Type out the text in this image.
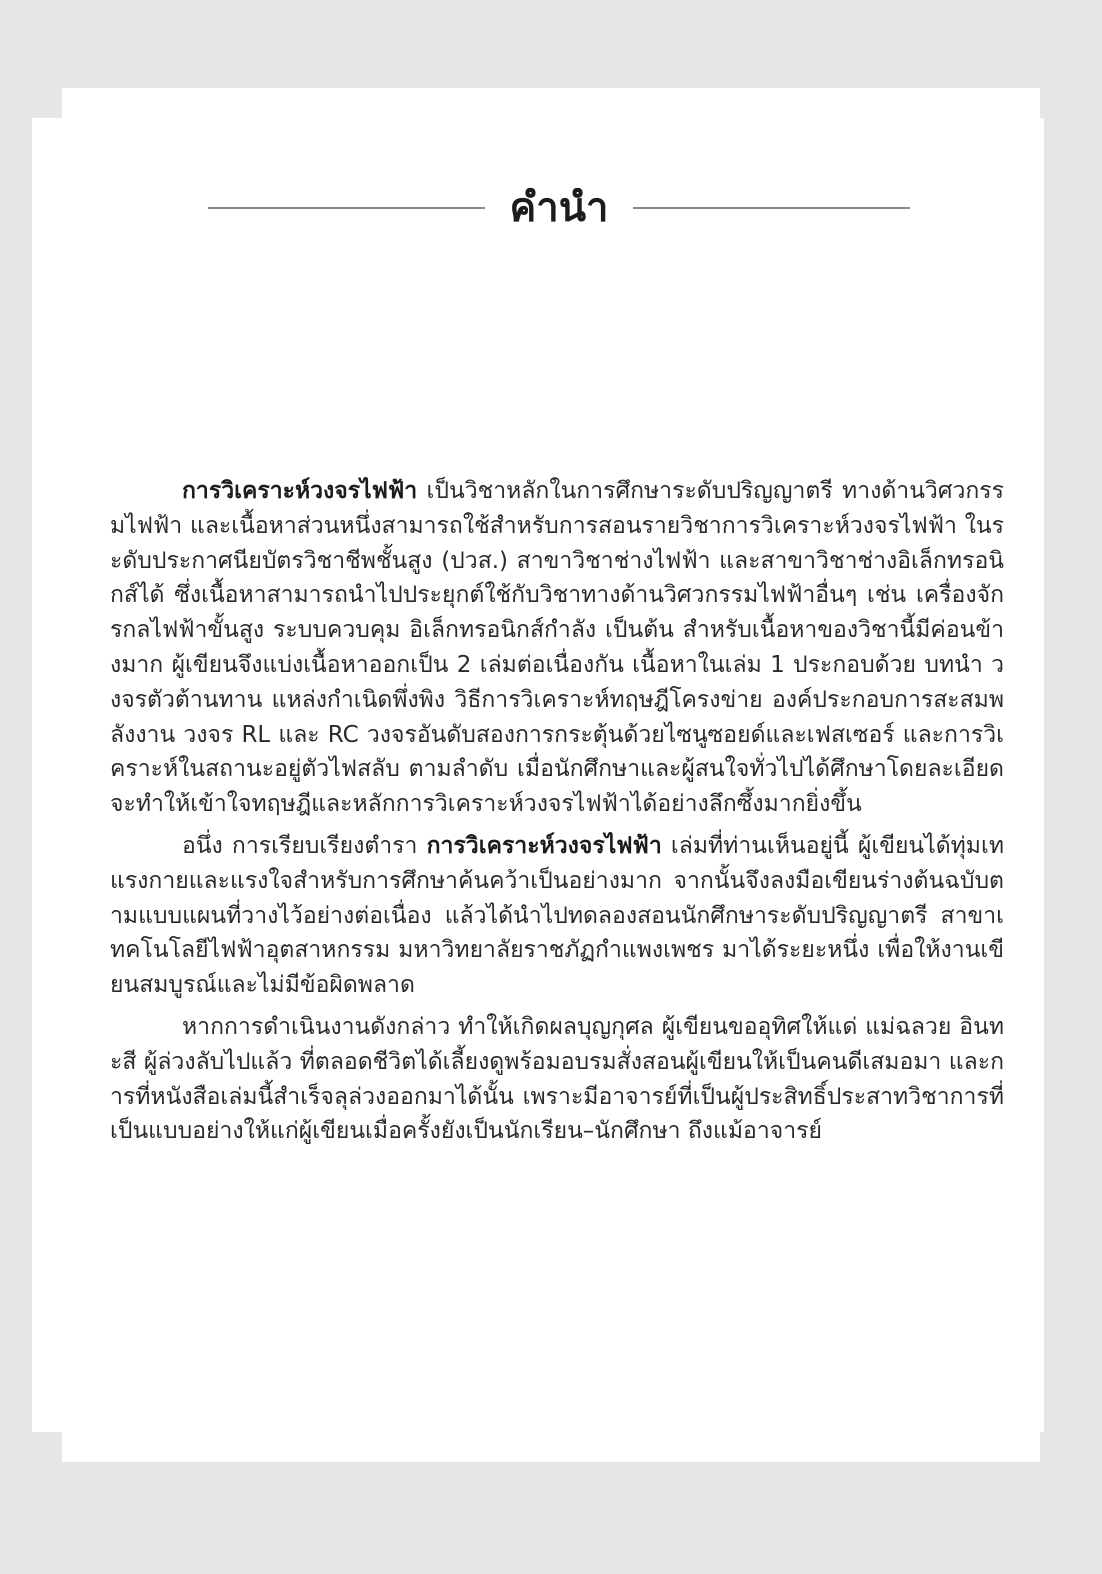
คำนำ

การวิเคราะห์วงจรไฟฟ้า เป็นวิชาหลักในการศึกษาระดับปริญญาตรี ทางด้านวิศวกรรมไฟฟ้า และเนื้อหาส่วนหนึ่งสามารถใช้สำหรับการสอนรายวิชาการวิเคราะห์วงจรไฟฟ้า ในระดับประกาศนียบัตรวิชาชีพชั้นสูง (ปวส.) สาขาวิชาช่างไฟฟ้า และสาขาวิชาช่างอิเล็กทรอนิกส์ได้ ซึ่งเนื้อหาสามารถนำไปประยุกต์ใช้กับวิชาทางด้านวิศวกรรมไฟฟ้าอื่นๆ เช่น เครื่องจักรกลไฟฟ้าขั้นสูง ระบบควบคุม อิเล็กทรอนิกส์กำลัง เป็นต้น สำหรับเนื้อหาของวิชานี้มีค่อนข้างมาก ผู้เขียนจึงแบ่งเนื้อหาออกเป็น 2 เล่มต่อเนื่องกัน เนื้อหาในเล่ม 1 ประกอบด้วย บทนำ วงจรตัวต้านทาน แหล่งกำเนิดพึ่งพิง วิธีการวิเคราะห์ทฤษฎีโครงข่าย องค์ประกอบการสะสมพลังงาน วงจร RL และ RC วงจรอันดับสองการกระตุ้นด้วยไซนูซอยด์และเฟสเซอร์ และการวิเคราะห์ในสถานะอยู่ตัวไฟสลับ ตามลำดับ เมื่อนักศึกษาและผู้สนใจทั่วไปได้ศึกษาโดยละเอียด จะทำให้เข้าใจทฤษฎีและหลักการวิเคราะห์วงจรไฟฟ้าได้อย่างลึกซึ้งมากยิ่งขึ้น

อนึ่ง การเรียบเรียงตำรา การวิเคราะห์วงจรไฟฟ้า เล่มที่ท่านเห็นอยู่นี้ ผู้เขียนได้ทุ่มเทแรงกายและแรงใจสำหรับการศึกษาค้นคว้าเป็นอย่างมาก จากนั้นจึงลงมือเขียนร่างต้นฉบับตามแบบแผนที่วางไว้อย่างต่อเนื่อง แล้วได้นำไปทดลองสอนนักศึกษาระดับปริญญาตรี สาขาเทคโนโลยีไฟฟ้าอุตสาหกรรม มหาวิทยาลัยราชภัฏกำแพงเพชร มาได้ระยะหนึ่ง เพื่อให้งานเขียนสมบูรณ์และไม่มีข้อผิดพลาด

หากการดำเนินงานดังกล่าว ทำให้เกิดผลบุญกุศล ผู้เขียนขออุทิศให้แด่ แม่ฉลวย อินทะสี ผู้ล่วงลับไปแล้ว ที่ตลอดชีวิตได้เลี้ยงดูพร้อมอบรมสั่งสอนผู้เขียนให้เป็นคนดีเสมอมา และการที่หนังสือเล่มนี้สำเร็จลุล่วงออกมาได้นั้น เพราะมีอาจารย์ที่เป็นผู้ประสิทธิ์ประสาทวิชาการที่เป็นแบบอย่างให้แก่ผู้เขียนเมื่อครั้งยังเป็นนักเรียน–นักศึกษา ถึงแม้อาจารย์
